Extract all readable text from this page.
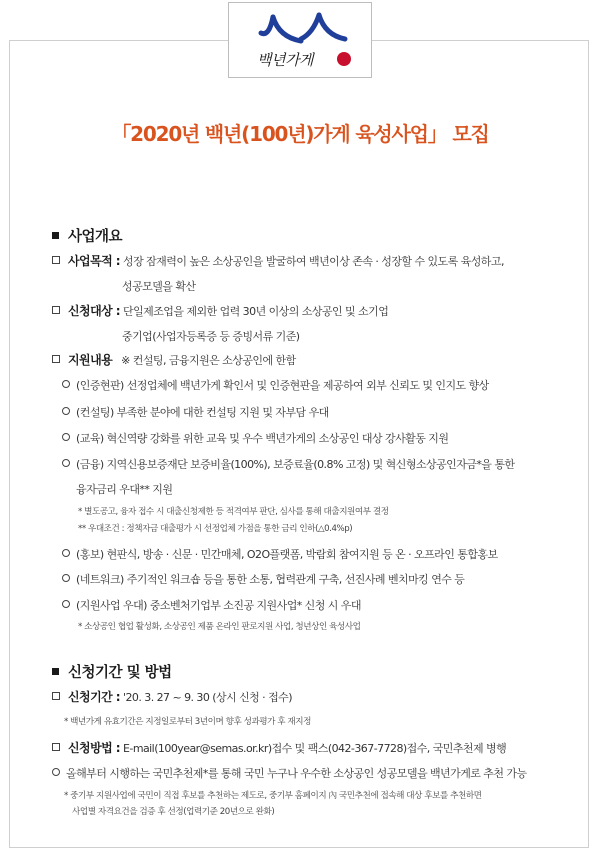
백년가게
「2020년 백년(100년)가게 육성사업」 모집
사업개요
사업목적 : 성장 잠재력이 높은 소상공인을 발굴하여 백년이상 존속 · 성장할 수 있도록 육성하고,
성공모델을 확산
신청대상 : 단일제조업을 제외한 업력 30년 이상의 소상공인 및 소기업
중기업(사업자등록증 등 증빙서류 기준)
지원내용 ※ 컨설팅, 금융지원은 소상공인에 한함
(인증현판) 선정업체에 백년가게 확인서 및 인증현판을 제공하여 외부 신뢰도 및 인지도 향상
(컨설팅) 부족한 분야에 대한 컨설팅 지원 및 자부담 우대
(교육) 혁신역량 강화를 위한 교육 및 우수 백년가게의 소상공인 대상 강사활동 지원
(금융) 지역신용보증재단 보증비율(100%), 보증료율(0.8% 고정) 및 혁신형소상공인자금*을 통한
융자금리 우대** 지원
* 별도공고, 융자 접수 시 대출신청제한 등 적격여부 판단, 심사를 통해 대출지원여부 결정
** 우대조건 : 정책자금 대출평가 시 선정업체 가점을 통한 금리 인하(△0.4%p)
(홍보) 현판식, 방송 · 신문 · 민간매체, O2O플랫폼, 박람회 참여지원 등 온 · 오프라인 통합홍보
(네트워크) 주기적인 워크숍 등을 통한 소통, 협력관계 구축, 선진사례 벤치마킹 연수 등
(지원사업 우대) 중소벤처기업부 소진공 지원사업* 신청 시 우대
* 소상공인 협업 활성화, 소상공인 제품 온라인 판로지원 사업, 청년상인 육성사업
신청기간 및 방법
신청기간 : '20. 3. 27 ~ 9. 30 (상시 신청 · 접수)
* 백년가게 유효기간은 지정일로부터 3년이며 향후 성과평가 후 재지정
신청방법 : E-mail(100year@semas.or.kr)접수 및 팩스(042-367-7728)접수, 국민추천제 병행
올해부터 시행하는 국민추천제*를 통해 국민 누구나 우수한 소상공인 성공모델을 백년가게로 추천 가능
* 중기부 지원사업에 국민이 직접 후보를 추천하는 제도로, 중기부 홈페이지 內 국민추천에 접속해 대상 후보를 추천하면
사업별 자격요건을 검증 후 선정(업력기준 20년으로 완화)
